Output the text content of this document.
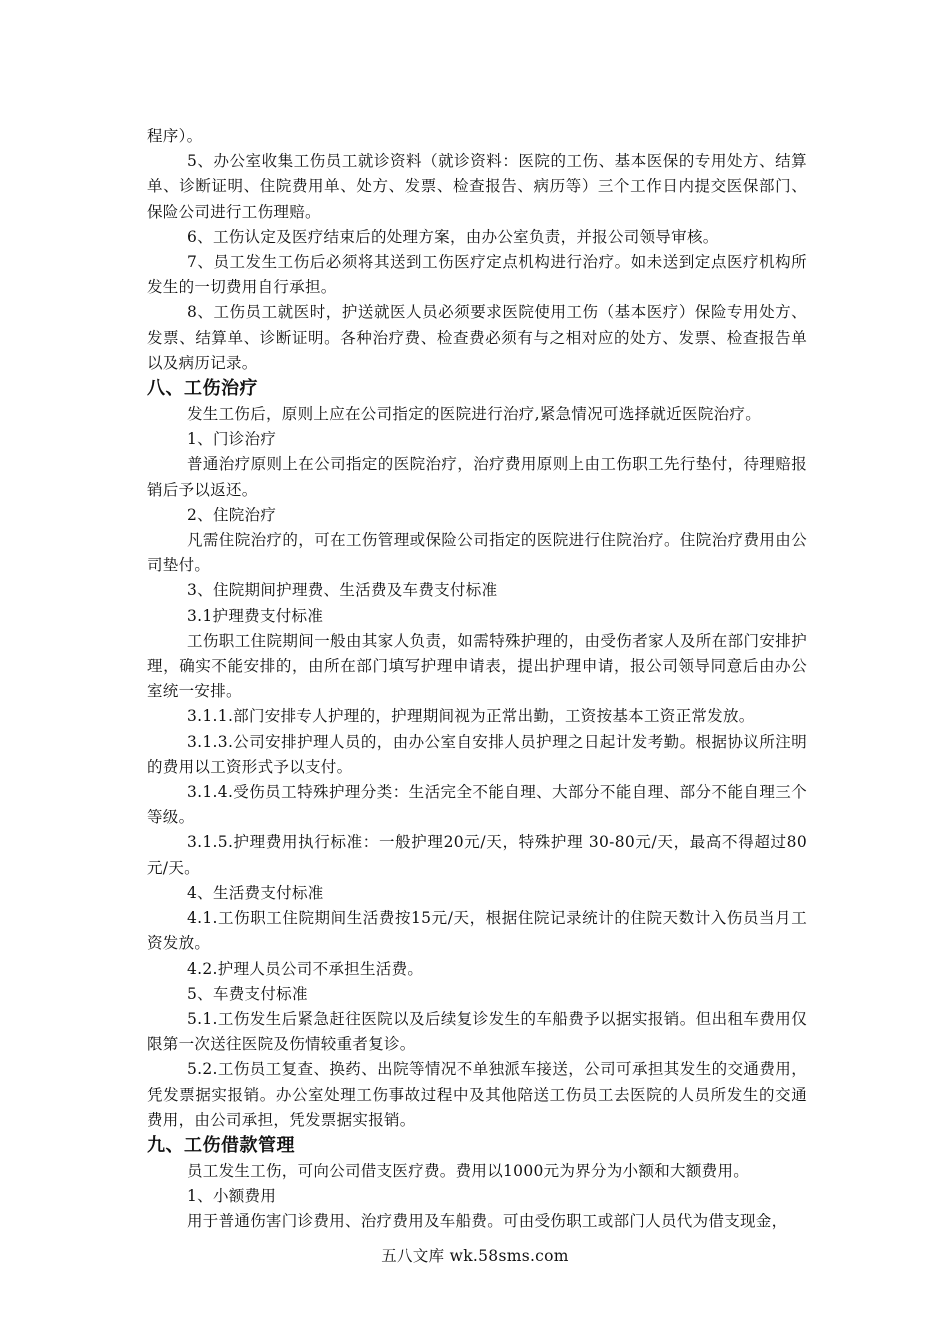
程序）。

5、办公室收集工伤员工就诊资料（就诊资料：医院的工伤、基本医保的专用处方、结算单、诊断证明、住院费用单、处方、发票、检查报告、病历等）三个工作日内提交医保部门、保险公司进行工伤理赔。

6、工伤认定及医疗结束后的处理方案，由办公室负责，并报公司领导审核。

7、员工发生工伤后必须将其送到工伤医疗定点机构进行治疗。如未送到定点医疗机构所发生的一切费用自行承担。

8、工伤员工就医时，护送就医人员必须要求医院使用工伤（基本医疗）保险专用处方、发票、结算单、诊断证明。各种治疗费、检查费必须有与之相对应的处方、发票、检查报告单以及病历记录。

八、工伤治疗

发生工伤后，原则上应在公司指定的医院进行治疗,紧急情况可选择就近医院治疗。

1、门诊治疗

普通治疗原则上在公司指定的医院治疗，治疗费用原则上由工伤职工先行垫付，待理赔报销后予以返还。

2、住院治疗

凡需住院治疗的，可在工伤管理或保险公司指定的医院进行住院治疗。住院治疗费用由公司垫付。

3、住院期间护理费、生活费及车费支付标准

3.1护理费支付标准

工伤职工住院期间一般由其家人负责，如需特殊护理的，由受伤者家人及所在部门安排护理，确实不能安排的，由所在部门填写护理申请表，提出护理申请，报公司领导同意后由办公室统一安排。

3.1.1.部门安排专人护理的，护理期间视为正常出勤，工资按基本工资正常发放。

3.1.3.公司安排护理人员的，由办公室自安排人员护理之日起计发考勤。根据协议所注明的费用以工资形式予以支付。

3.1.4.受伤员工特殊护理分类：生活完全不能自理、大部分不能自理、部分不能自理三个等级。

3.1.5.护理费用执行标准：一般护理20元/天，特殊护理 30-80元/天，最高不得超过80元/天。

4、生活费支付标准

4.1.工伤职工住院期间生活费按15元/天，根据住院记录统计的住院天数计入伤员当月工资发放。

4.2.护理人员公司不承担生活费。

5、车费支付标准

5.1.工伤发生后紧急赶往医院以及后续复诊发生的车船费予以据实报销。但出租车费用仅限第一次送往医院及伤情较重者复诊。

5.2.工伤员工复查、换药、出院等情况不单独派车接送，公司可承担其发生的交通费用，凭发票据实报销。办公室处理工伤事故过程中及其他陪送工伤员工去医院的人员所发生的交通费用，由公司承担，凭发票据实报销。

九、工伤借款管理

员工发生工伤，可向公司借支医疗费。费用以1000元为界分为小额和大额费用。

1、小额费用

用于普通伤害门诊费用、治疗费用及车船费。可由受伤职工或部门人员代为借支现金，

五八文库 wk.58sms.com
